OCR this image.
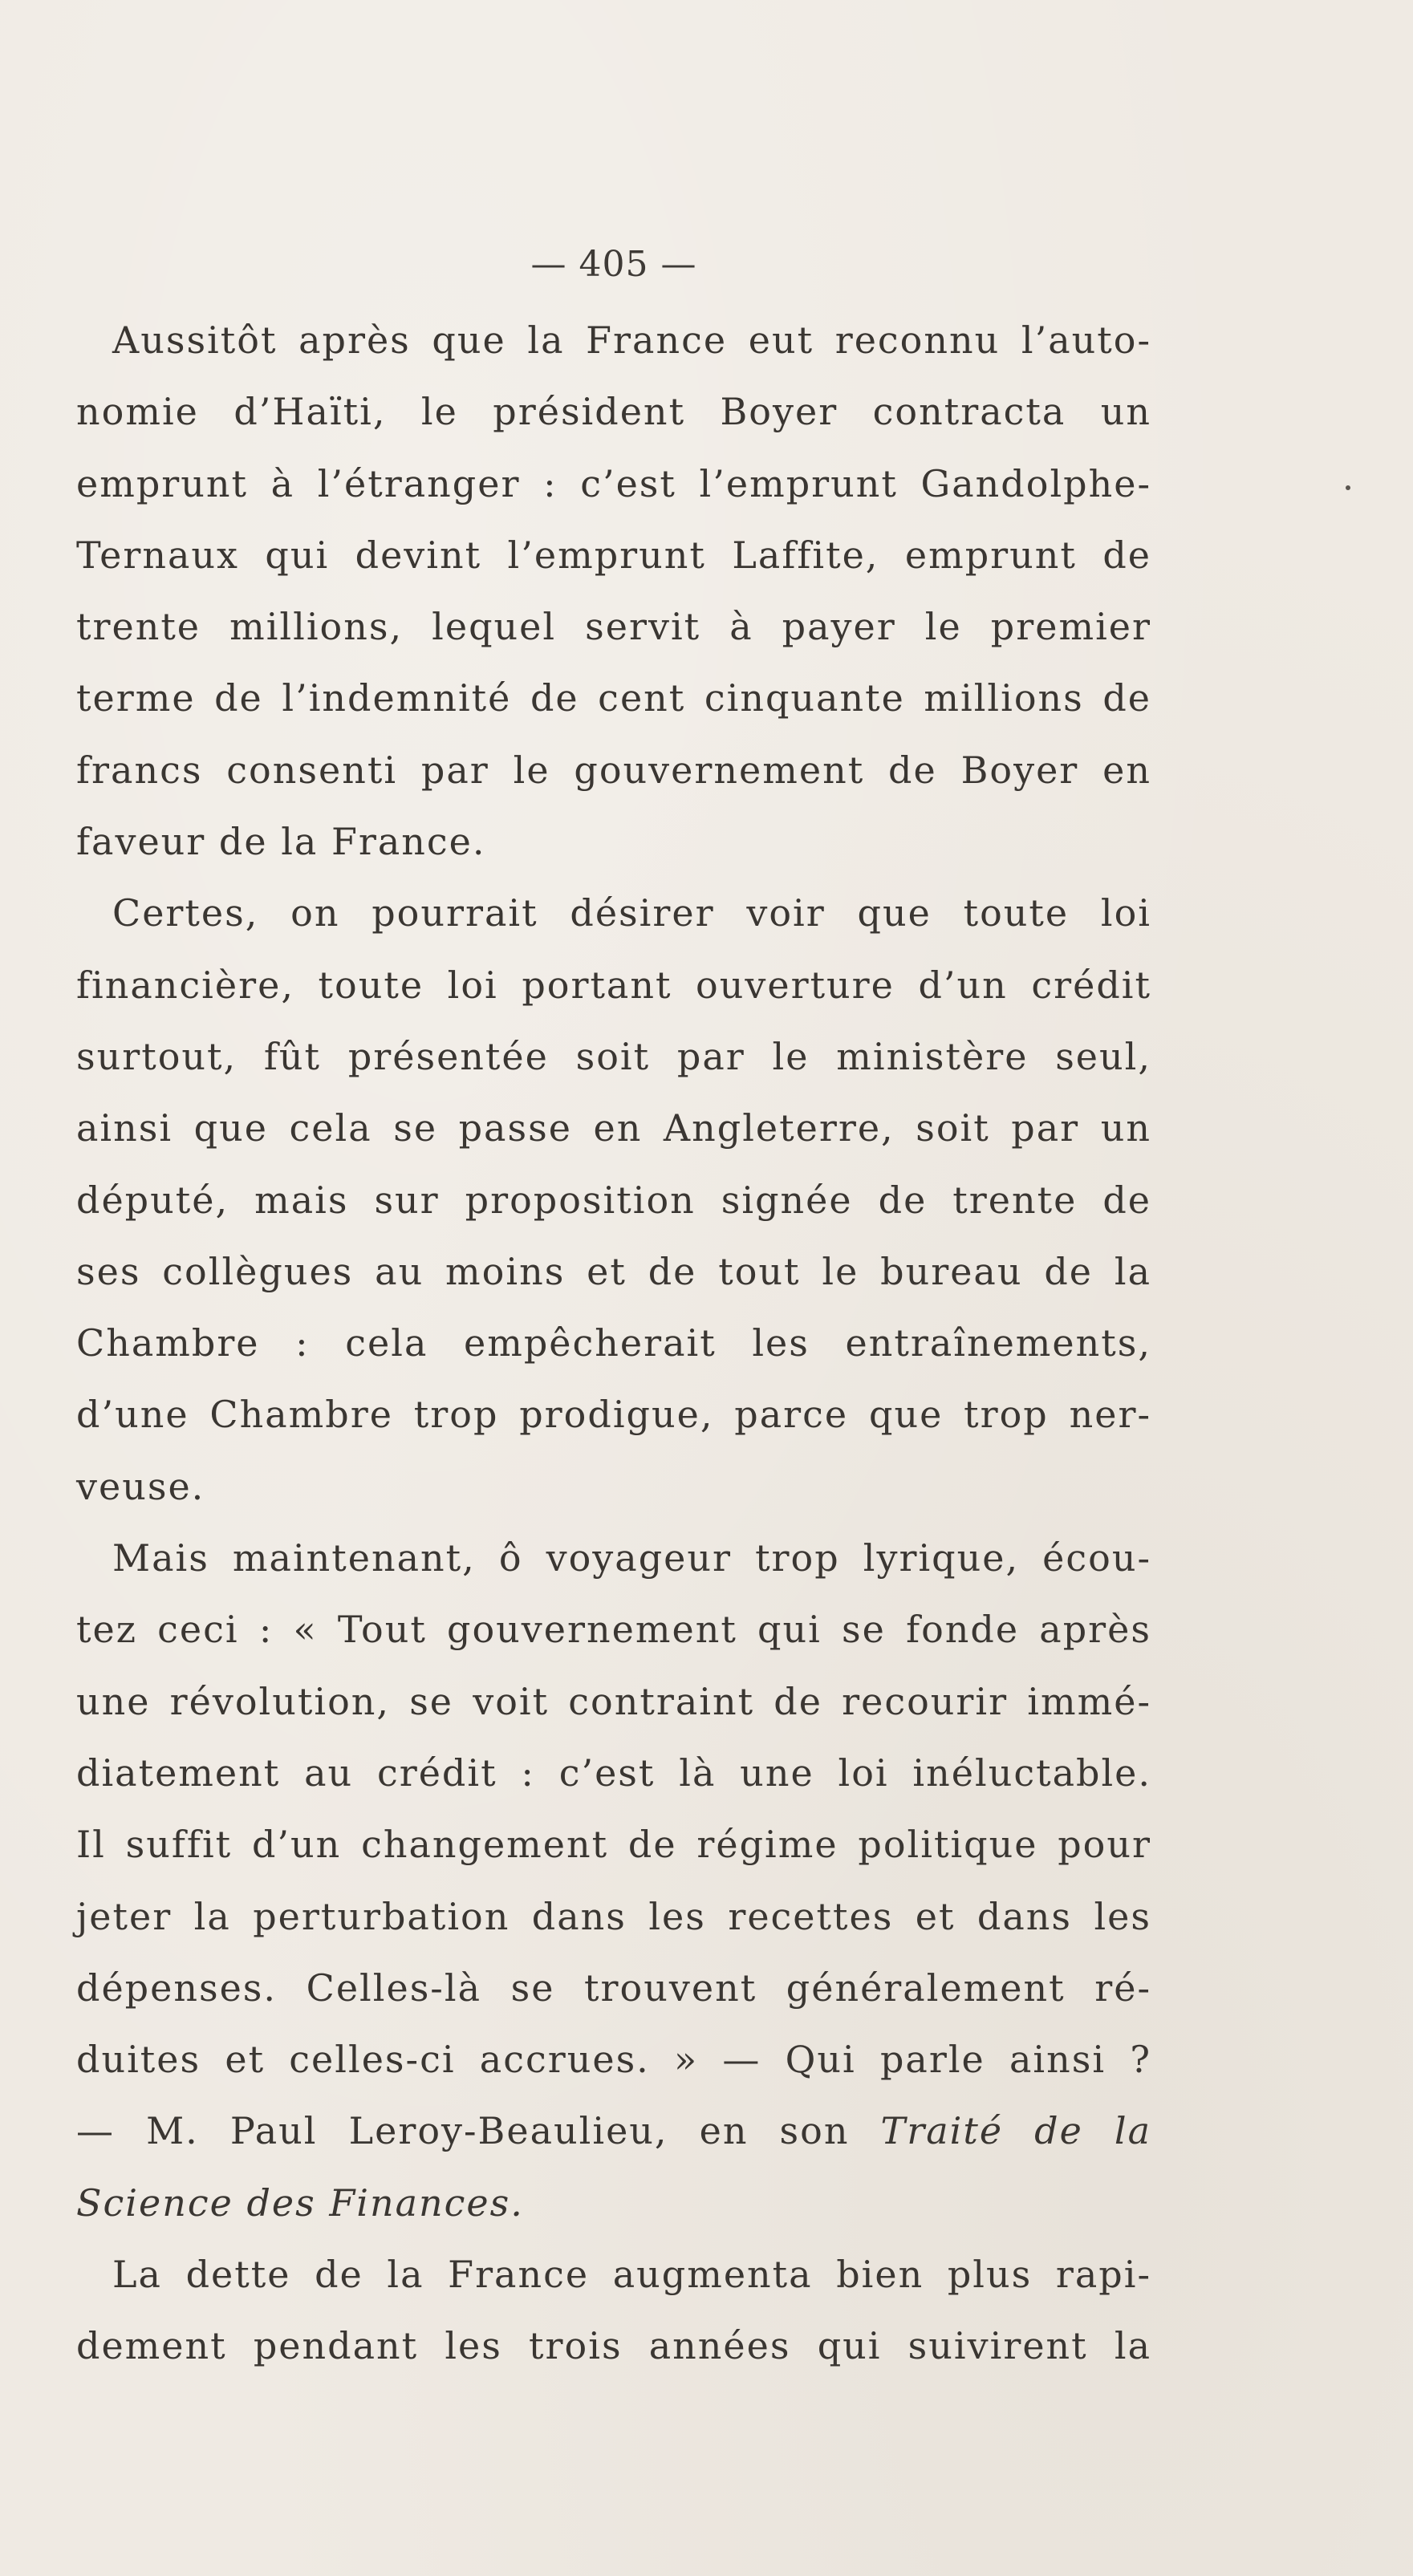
— 405 —
Aussitôt après que la France eut reconnu l’auto-
nomie d’Haïti, le président Boyer contracta un
emprunt à l’étranger : c’est l’emprunt Gandolphe-
Ternaux qui devint l’emprunt Laffite, emprunt de
trente millions, lequel servit à payer le premier
terme de l’indemnité de cent cinquante millions de
francs consenti par le gouvernement de Boyer en
faveur de la France.
Certes, on pourrait désirer voir que toute loi
financière, toute loi portant ouverture d’un crédit
surtout, fût présentée soit par le ministère seul,
ainsi que cela se passe en Angleterre, soit par un
député, mais sur proposition signée de trente de
ses collègues au moins et de tout le bureau de la
Chambre : cela empêcherait les entraînements,
d’une Chambre trop prodigue, parce que trop ner-
veuse.
Mais maintenant, ô voyageur trop lyrique, écou-
tez ceci : « Tout gouvernement qui se fonde après
une révolution, se voit contraint de recourir immé-
diatement au crédit : c’est là une loi inéluctable.
Il suffit d’un changement de régime politique pour
jeter la perturbation dans les recettes et dans les
dépenses. Celles-là se trouvent généralement ré-
duites et celles-ci accrues. » — Qui parle ainsi ?
— M. Paul Leroy-Beaulieu, en son Traité de la
Science des Finances.
La dette de la France augmenta bien plus rapi-
dement pendant les trois années qui suivirent la
